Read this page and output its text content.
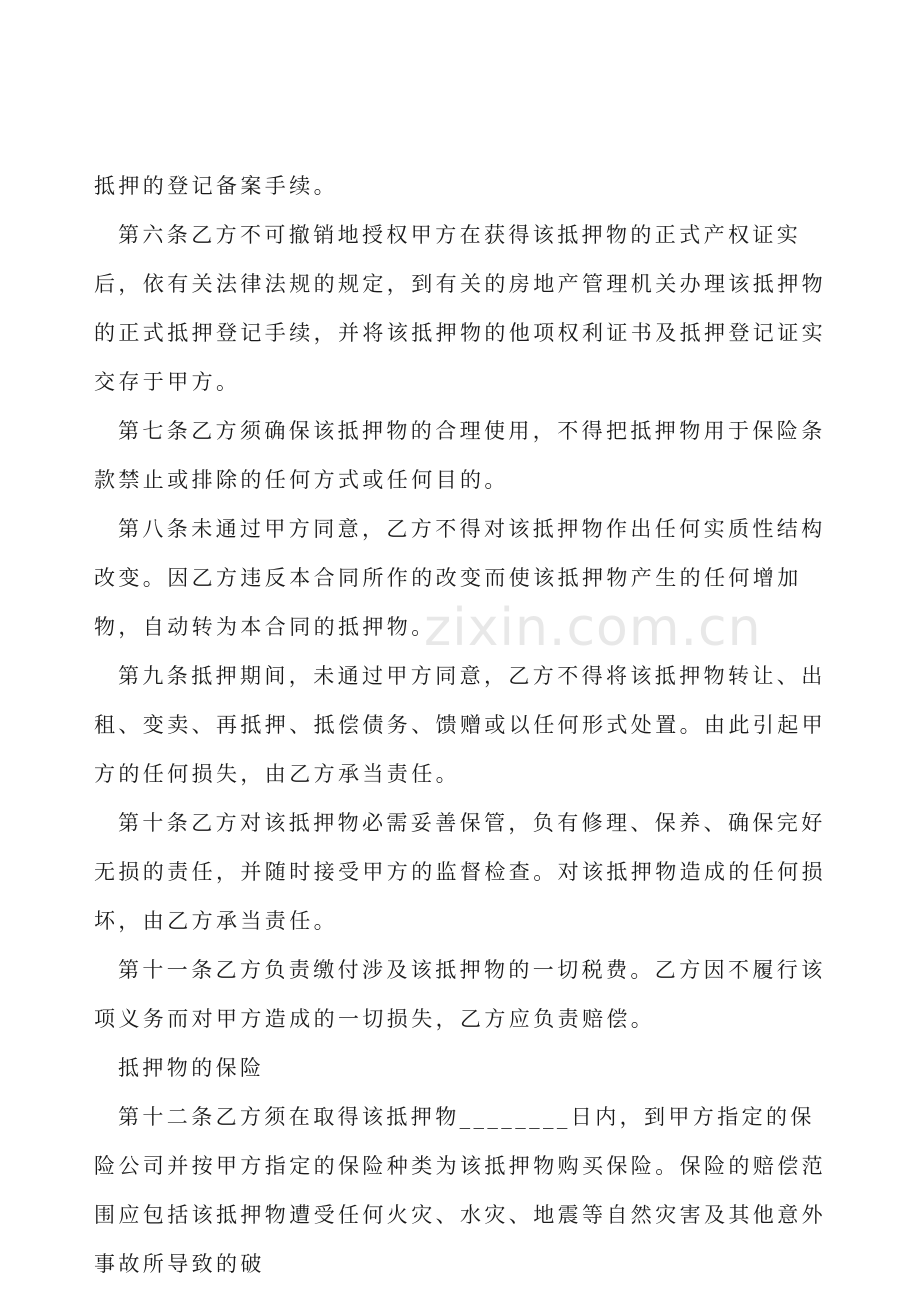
抵押的登记备案手续。

第六条乙方不可撤销地授权甲方在获得该抵押物的正式产权证实后，依有关法律法规的规定，到有关的房地产管理机关办理该抵押物的正式抵押登记手续，并将该抵押物的他项权利证书及抵押登记证实交存于甲方。

第七条乙方须确保该抵押物的合理使用，不得把抵押物用于保险条款禁止或排除的任何方式或任何目的。

第八条未通过甲方同意，乙方不得对该抵押物作出任何实质性结构改变。因乙方违反本合同所作的改变而使该抵押物产生的任何增加物，自动转为本合同的抵押物。

第九条抵押期间，未通过甲方同意，乙方不得将该抵押物转让、出租、变卖、再抵押、抵偿债务、馈赠或以任何形式处置。由此引起甲方的任何损失，由乙方承当责任。

第十条乙方对该抵押物必需妥善保管，负有修理、保养、确保完好无损的责任，并随时接受甲方的监督检查。对该抵押物造成的任何损坏，由乙方承当责任。

第十一条乙方负责缴付涉及该抵押物的一切税费。乙方因不履行该项义务而对甲方造成的一切损失，乙方应负责赔偿。

抵押物的保险

第十二条乙方须在取得该抵押物________日内，到甲方指定的保险公司并按甲方指定的保险种类为该抵押物购买保险。保险的赔偿范围应包括该抵押物遭受任何火灾、水灾、地震等自然灾害及其他意外事故所导致的破

zixin.com.cn
